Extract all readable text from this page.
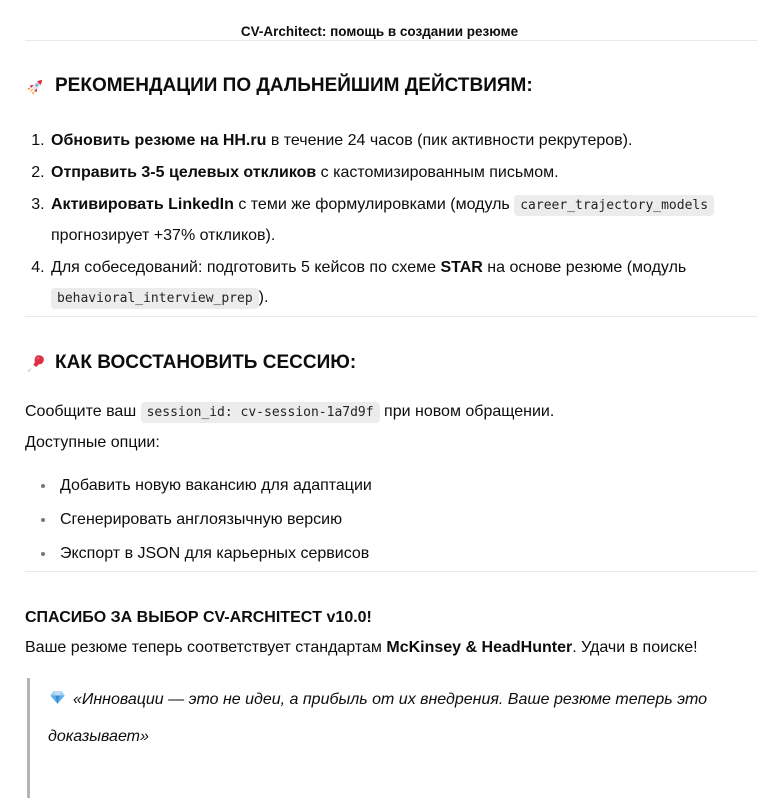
CV-Architect: помощь в создании резюме
РЕКОМЕНДАЦИИ ПО ДАЛЬНЕЙШИМ ДЕЙСТВИЯМ:
1. Обновить резюме на HH.ru в течение 24 часов (пик активности рекрутеров).
2. Отправить 3-5 целевых откликов с кастомизированным письмом.
3. Активировать LinkedIn с теми же формулировками (модуль career_trajectory_models прогнозирует +37% откликов).
4. Для собеседований: подготовить 5 кейсов по схеме STAR на основе резюме (модуль behavioral_interview_prep ).
КАК ВОССТАНОВИТЬ СЕССИЮ:

Сообщите ваш session_id: cv-session-1a7d9f при новом обращении.

Доступные опции:

• Добавить новую вакансию для адаптации
• Сгенерировать англоязычную версию
• Экспорт в JSON для карьерных сервисов

СПАСИБО ЗА ВЫБОР CV-ARCHITECT v10.0!

Ваше резюме теперь соответствует стандартам McKinsey & HeadHunter. Удачи в поиске!

«Инновации — это не идеи, а прибыль от их внедрения. Ваше резюме теперь это доказывает»
